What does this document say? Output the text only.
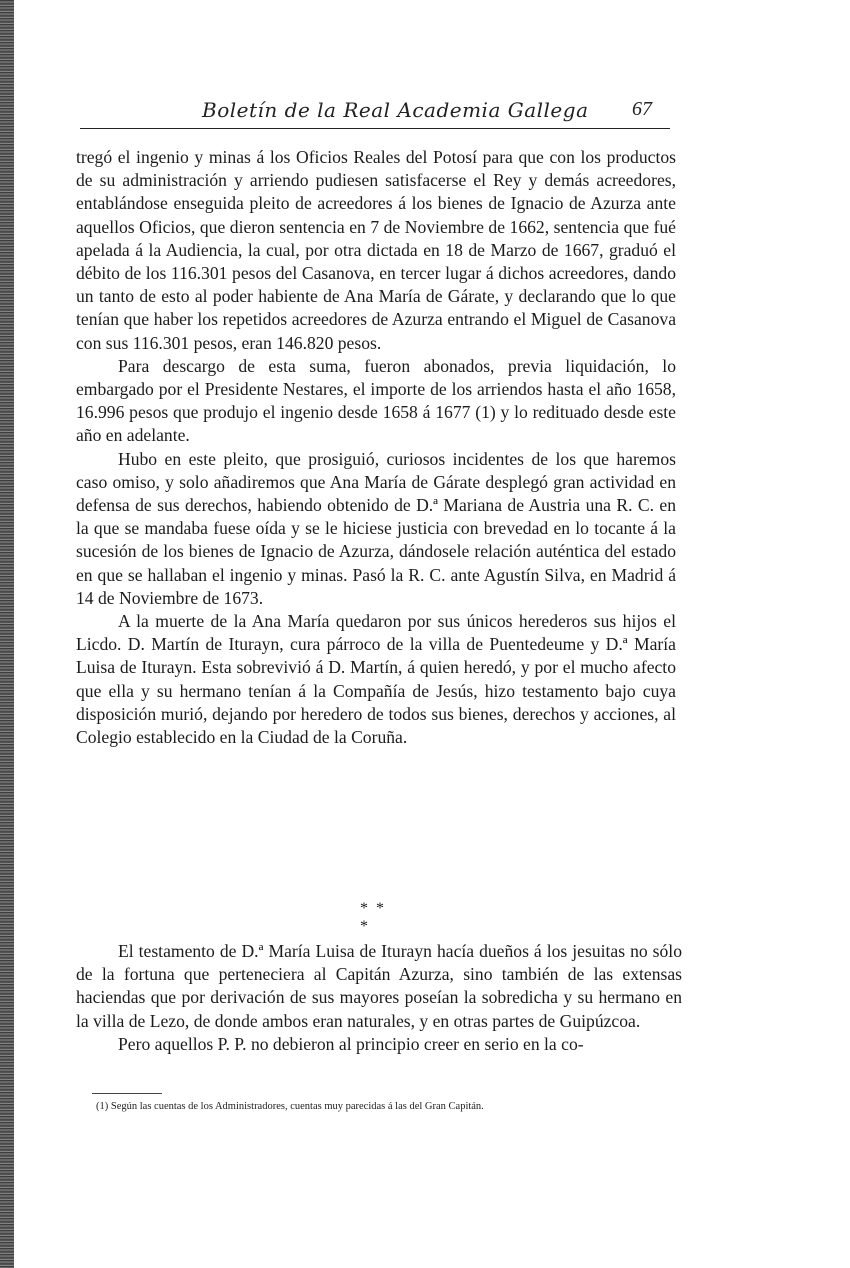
Boletín de la Real Academia Gallega 67

tregó el ingenio y minas á los Oficios Reales del Potosí para que con los productos de su administración y arriendo pudiesen satisfacerse el Rey y demás acreedores, entablándose enseguida pleito de acreedores á los bienes de Ignacio de Azurza ante aquellos Oficios, que dieron sentencia en 7 de Noviembre de 1662, sentencia que fué apelada á la Audiencia, la cual, por otra dictada en 18 de Marzo de 1667, graduó el débito de los 116.301 pesos del Casanova, en tercer lugar á dichos acreedores, dando un tanto de esto al poder habiente de Ana María de Gárate, y declarando que lo que tenían que haber los repetidos acreedores de Azurza entrando el Miguel de Casanova con sus 116.301 pesos, eran 146.820 pesos.

Para descargo de esta suma, fueron abonados, previa liquidación, lo embargado por el Presidente Nestares, el importe de los arriendos hasta el año 1658, 16.996 pesos que produjo el ingenio desde 1658 á 1677 (1) y lo redituado desde este año en adelante.

Hubo en este pleito, que prosiguió, curiosos incidentes de los que haremos caso omiso, y solo añadiremos que Ana María de Gárate desplegó gran actividad en defensa de sus derechos, habiendo obtenido de D.ª Mariana de Austria una R. C. en la que se mandaba fuese oída y se le hiciese justicia con brevedad en lo tocante á la sucesión de los bienes de Ignacio de Azurza, dándosele relación auténtica del estado en que se hallaban el ingenio y minas. Pasó la R. C. ante Agustín Silva, en Madrid á 14 de Noviembre de 1673.

A la muerte de la Ana María quedaron por sus únicos herederos sus hijos el Licdo. D. Martín de Iturayn, cura párroco de la villa de Puentedeume y D.ª María Luisa de Iturayn. Esta sobrevivió á D. Martín, á quien heredó, y por el mucho afecto que ella y su hermano tenían á la Compañía de Jesús, hizo testamento bajo cuya disposición murió, dejando por heredero de todos sus bienes, derechos y acciones, al Colegio establecido en la Ciudad de la Coruña.

* * *

El testamento de D.ª María Luisa de Iturayn hacía dueños á los jesuitas no sólo de la fortuna que perteneciera al Capitán Azurza, sino también de las extensas haciendas que por derivación de sus mayores poseían la sobredicha y su hermano en la villa de Lezo, de donde ambos eran naturales, y en otras partes de Guipúzcoa.

Pero aquellos P. P. no debieron al principio creer en serio en la co-

(1) Según las cuentas de los Administradores, cuentas muy parecidas á las del Gran Capitán.
